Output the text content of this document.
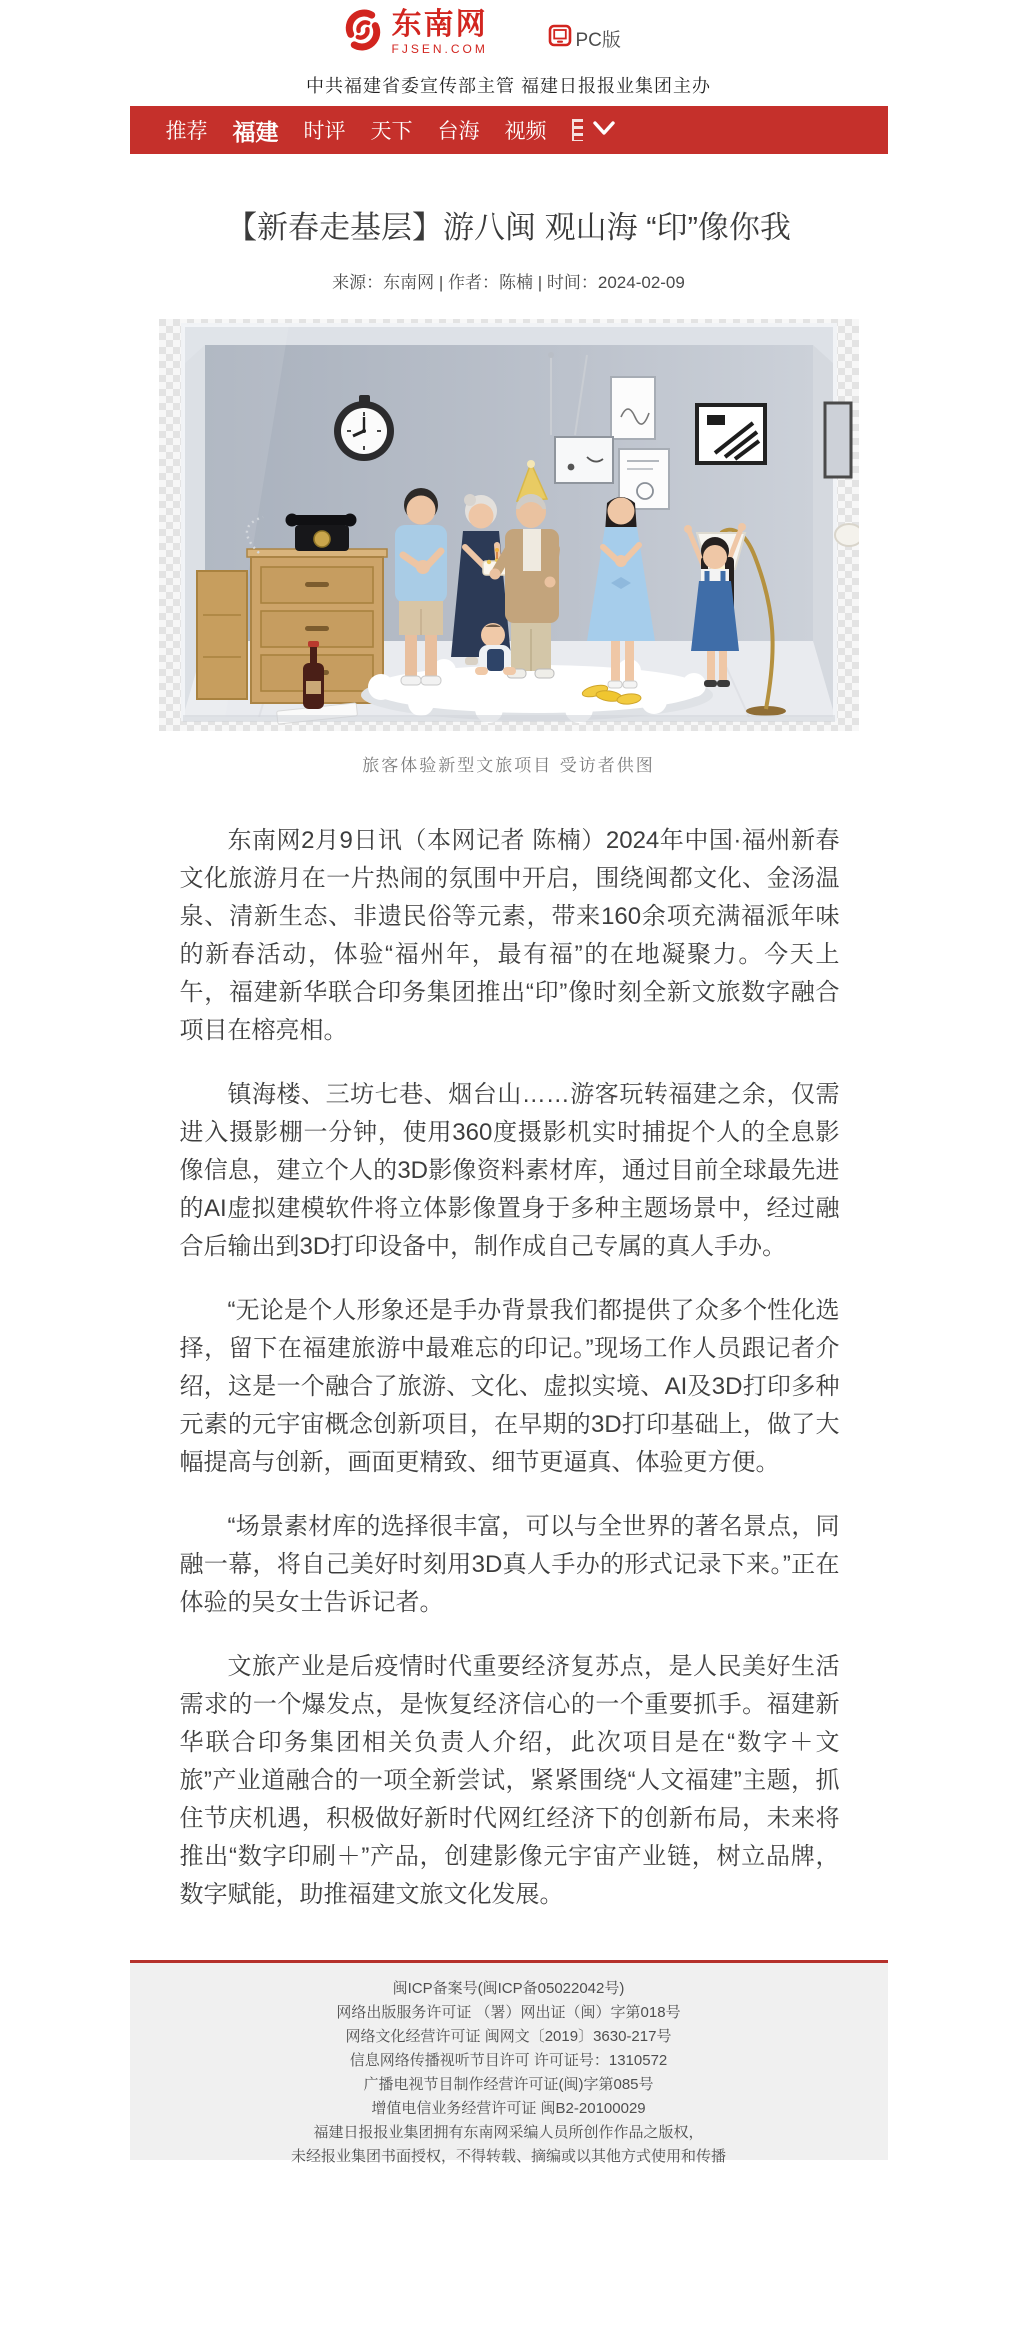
东南网
FJSEN.COM	PC版
中共福建省委宣传部主管 福建日报报业集团主办
推荐 福建 时评 天下 台海 视频
【新春走基层】游八闽 观山海 “印”像你我
来源：东南网 | 作者：陈楠 | 时间：2024-02-09
旅客体验新型文旅项目 受访者供图

东南网2月9日讯（本网记者 陈楠）2024年中国·福州新春文化旅游月在一片热闹的氛围中开启，围绕闽都文化、金汤温泉、清新生态、非遗民俗等元素，带来160余项充满福派年味的新春活动，体验“福州年，最有福”的在地凝聚力。今天上午，福建新华联合印务集团推出“印”像时刻全新文旅数字融合项目在榕亮相。

镇海楼、三坊七巷、烟台山……游客玩转福建之余，仅需进入摄影棚一分钟，使用360度摄影机实时捕捉个人的全息影像信息，建立个人的3D影像资料素材库，通过目前全球最先进的AI虚拟建模软件将立体影像置身于多种主题场景中，经过融合后输出到3D打印设备中，制作成自己专属的真人手办。

“无论是个人形象还是手办背景我们都提供了众多个性化选择，留下在福建旅游中最难忘的印记。”现场工作人员跟记者介绍，这是一个融合了旅游、文化、虚拟实境、AI及3D打印多种元素的元宇宙概念创新项目，在早期的3D打印基础上，做了大幅提高与创新，画面更精致、细节更逼真、体验更方便。

“场景素材库的选择很丰富，可以与全世界的著名景点，同融一幕，将自己美好时刻用3D真人手办的形式记录下来。”正在体验的吴女士告诉记者。

文旅产业是后疫情时代重要经济复苏点，是人民美好生活需求的一个爆发点，是恢复经济信心的一个重要抓手。福建新华联合印务集团相关负责人介绍，此次项目是在“数字＋文旅”产业道融合的一项全新尝试，紧紧围绕“人文福建”主题，抓住节庆机遇，积极做好新时代网红经济下的创新布局，未来将推出“数字印刷＋”产品，创建影像元宇宙产业链，树立品牌，数字赋能，助推福建文旅文化发展。

闽ICP备案号(闽ICP备05022042号)

网络出版服务许可证 （署）网出证（闽）字第018号

网络文化经营许可证 闽网文〔2019〕3630-217号

信息网络传播视听节目许可 许可证号：1310572

广播电视节目制作经营许可证(闽)字第085号

增值电信业务经营许可证 闽B2-20100029

福建日报报业集团拥有东南网采编人员所创作作品之版权，

未经报业集团书面授权，不得转载、摘编或以其他方式使用和传播
